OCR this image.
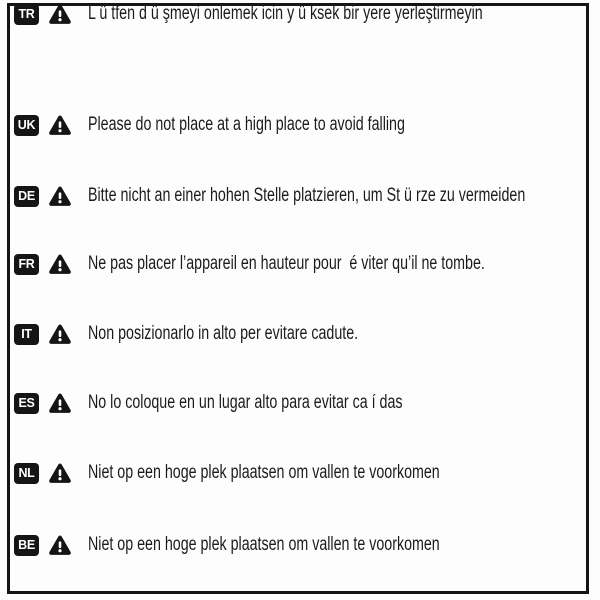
UK	Please do not place at a high place to avoid falling
DE	Bitte nicht an einer hohen Stelle platzieren, um St ü rze zu vermeiden
FR	Ne pas placer l’appareil en hauteur pour  é viter qu’il ne tombe.
IT	Non posizionarlo in alto per evitare cadute.
ES	No lo coloque en un lugar alto para evitar ca í das
NL	Niet op een hoge plek plaatsen om vallen te voorkomen
BE	Niet op een hoge plek plaatsen om vallen te voorkomen
TR	L ü tfen d ü şmeyi onlemek icin y ü ksek bir yere yerleştirmeyin
